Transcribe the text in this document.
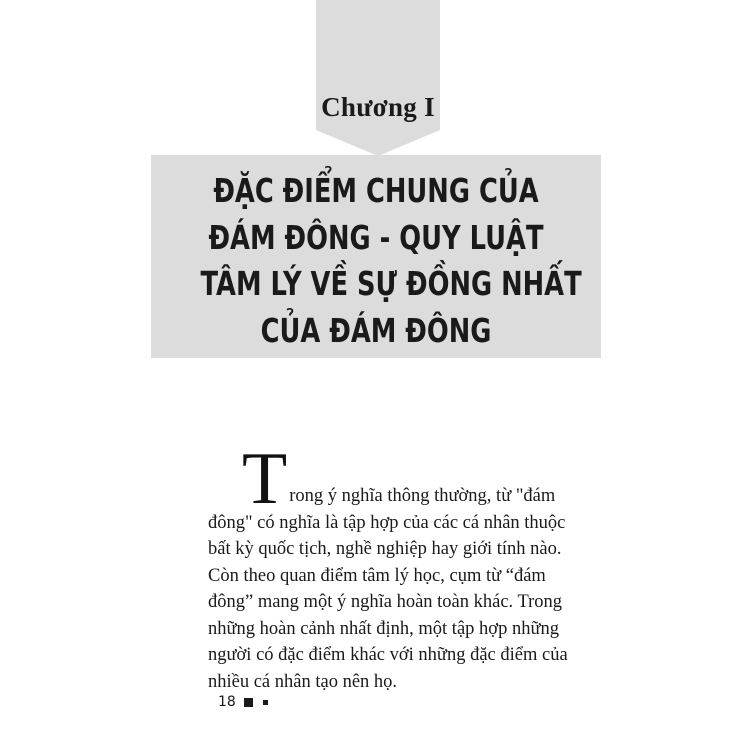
Chương I
ĐẶC ĐIỂM CHUNG CỦA
ĐÁM ĐÔNG - QUY LUẬT
TÂM LÝ VỀ SỰ ĐỒNG NHẤT
CỦA ĐÁM ĐÔNG
T rong ý nghĩa thông thường, từ "đám
đông" có nghĩa là tập hợp của các cá nhân thuộc
bất kỳ quốc tịch, nghề nghiệp hay giới tính nào.
Còn theo quan điểm tâm lý học, cụm từ “đám
đông” mang một ý nghĩa hoàn toàn khác. Trong
những hoàn cảnh nhất định, một tập hợp những
người có đặc điểm khác với những đặc điểm của
nhiều cá nhân tạo nên họ.
18
